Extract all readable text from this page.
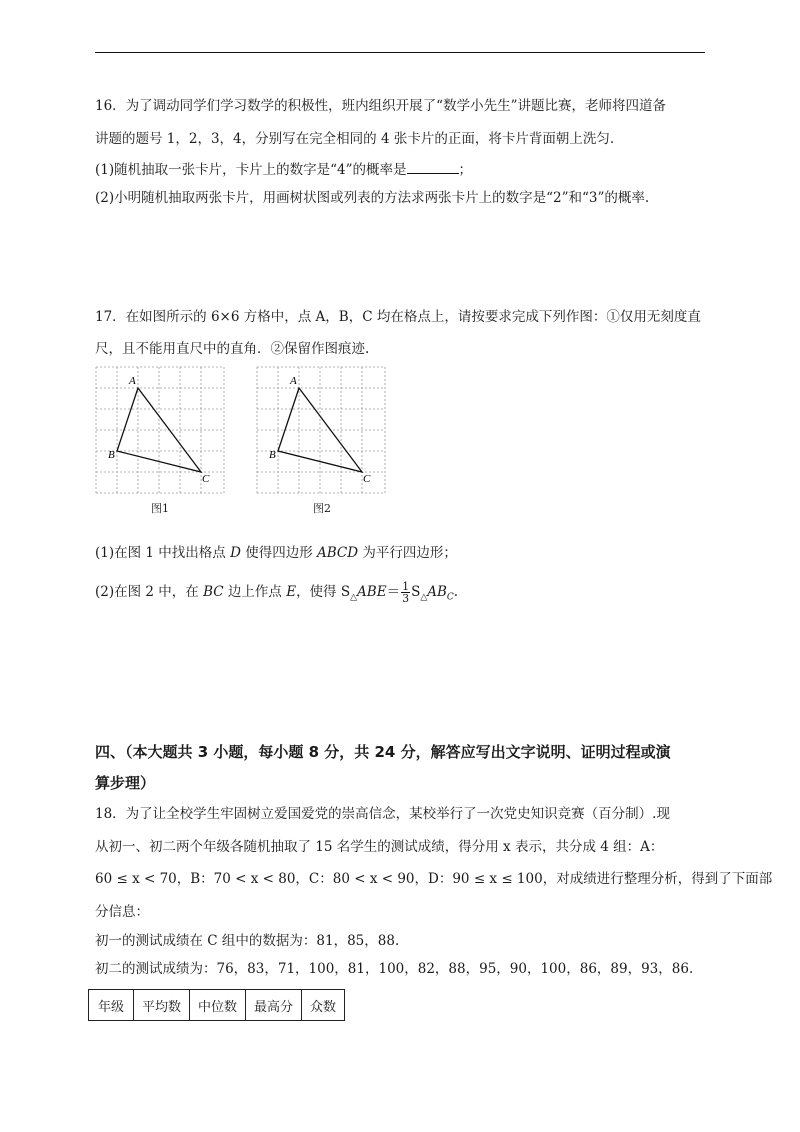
16．为了调动同学们学习数学的积极性，班内组织开展了“数学小先生”讲题比赛，老师将四道备
讲题的题号 1，2，3，4，分别写在完全相同的 4 张卡片的正面，将卡片背面朝上洗匀.
(1)随机抽取一张卡片，卡片上的数字是“4”的概率是	；
(2)小明随机抽取两张卡片，用画树状图或列表的方法求两张卡片上的数字是“2”和“3”的概率.
17．在如图所示的 6×6 方格中，点 A，B，C 均在格点上，请按要求完成下列作图：①仅用无刻度直
尺，且不能用直尺中的直角．②保留作图痕迹.
A
B
C
图1
A
B
C
图2
(1)在图 1 中找出格点 D 使得四边形 ABCD 为平行四边形；
(2)在图 2 中，在 BC 边上作点 E，使得 $S_\triangle ABE= \frac{1}{3} S_\triangle AB_C$.
四、（本大题共 3 小题，每小题 8 分，共 24 分，解答应写出文字说明、证明过程或演
算步理）
18．为了让全校学生牢固树立爱国爱党的崇高信念，某校举行了一次党史知识竞赛（百分制）.现
从初一、初二两个年级各随机抽取了 15 名学生的测试成绩，得分用 x 表示，共分成 4 组：A：
60 ≤ x < 70，B：70 < x < 80，C：80 < x < 90，D：90 ≤ x ≤ 100，对成绩进行整理分析，得到了下面部
分信息：
初一的测试成绩在 C 组中的数据为：81，85，88.
初二的测试成绩为：76，83，71，100，81，100，82，88，95，90，100，86，89，93，86.
年级	平均数	中位数	最高分	众数
